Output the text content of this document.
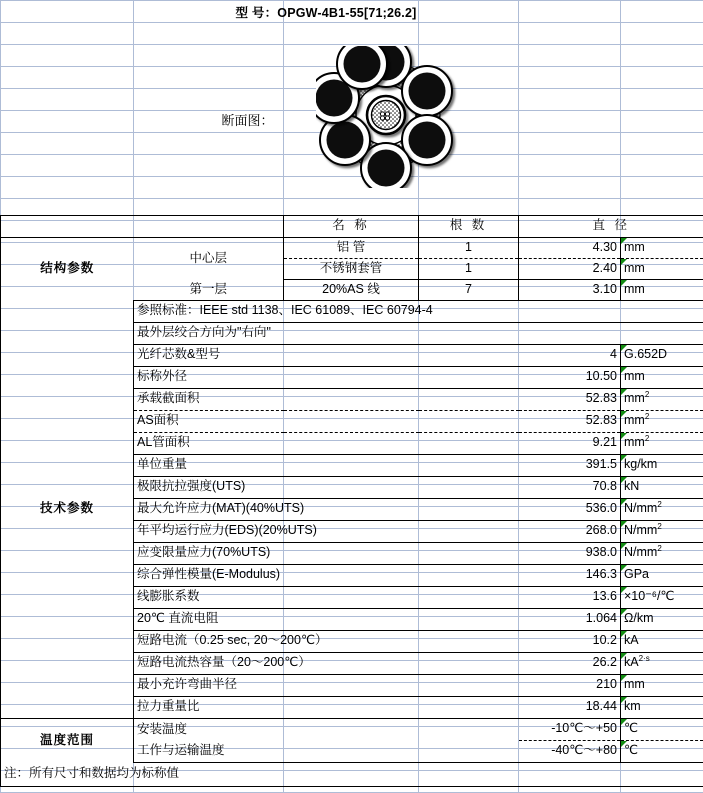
	型 号：OPGW-4B1-55[71;26.2]				
	断面图：				
		名 称	根 数	直 径	
结构参数	中心层	铝 管	1	4.30	mm
		不锈钢套管	1	2.40	mm
	第一层	20%AS 线	7	3.10	mm
技术参数	参照标准：IEEE std 1138、IEC 61089、IEC 60794-4				
	最外层绞合方向为"右向"				
	光纤芯数&型号			4	G.652D
	标称外径			10.50	mm
	承载截面积			52.83	$mm^2$
	AS面积			52.83	$mm^2$
	AL管面积			9.21	$mm^2$
	单位重量			391.5	kg/km
	极限抗拉强度(UTS)			70.8	kN
	最大允许应力(MAT)(40%UTS)			536.0	$N/mm^2$
	年平均运行应力(EDS)(20%UTS)			268.0	$N/mm^2$
	应变限量应力(70%UTS)			938.0	$N/mm^2$
	综合弹性模量(E-Modulus)			146.3	GPa
	线膨胀系数			13.6	×10⁻⁶/℃
	20℃ 直流电阻			1.064	Ω/km
	短路电流（0.25 sec, 20～200℃）			10.2	kA
	短路电流热容量（20～200℃）			26.2	$kA^{2\cdot s}$
	最小充许弯曲半径			210	mm
	拉力重量比			18.44	km
温度范围	安装温度			-10℃～+50	℃
	工作与运输温度			-40℃～+80	℃
注：所有尺寸和数据均为标称值					
